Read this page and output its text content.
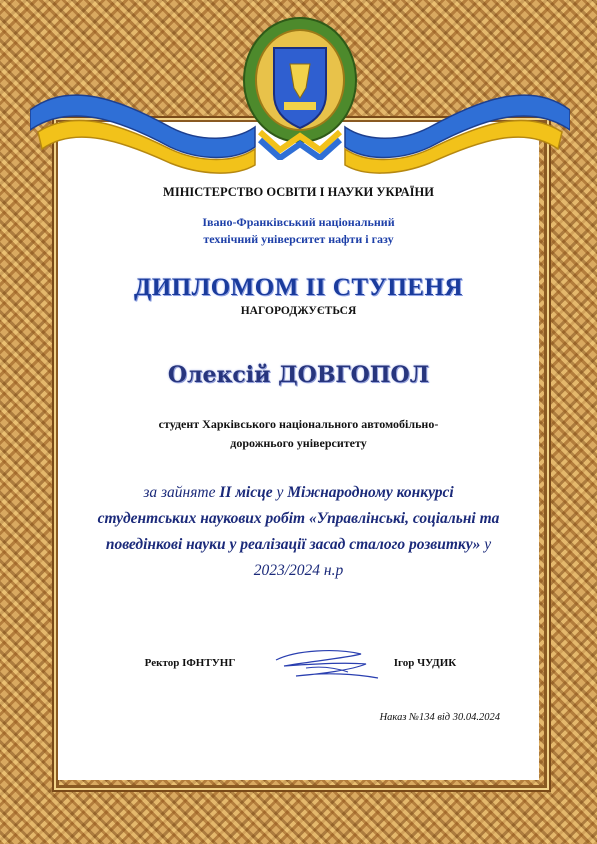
МІНІСТЕРСТВО ОСВІТИ І НАУКИ УКРАЇНИ
Івано-Франківський національний
технічний університет нафти і газу
ДИПЛОМОМ ІІ СТУПЕНЯ
НАГОРОДЖУЄТЬСЯ
Олексій ДОВГОПОЛ
студент Харківського національного автомобільно-
дорожнього університету
за зайняте ІІ місце у Міжнародному конкурсі студентських наукових робіт «Управлінські, соціальні та поведінкові науки у реалізації засад сталого розвитку» у 2023/2024 н.р
Ректор ІФНТУНГ	Ігор ЧУДИК
Наказ №134 від 30.04.2024
